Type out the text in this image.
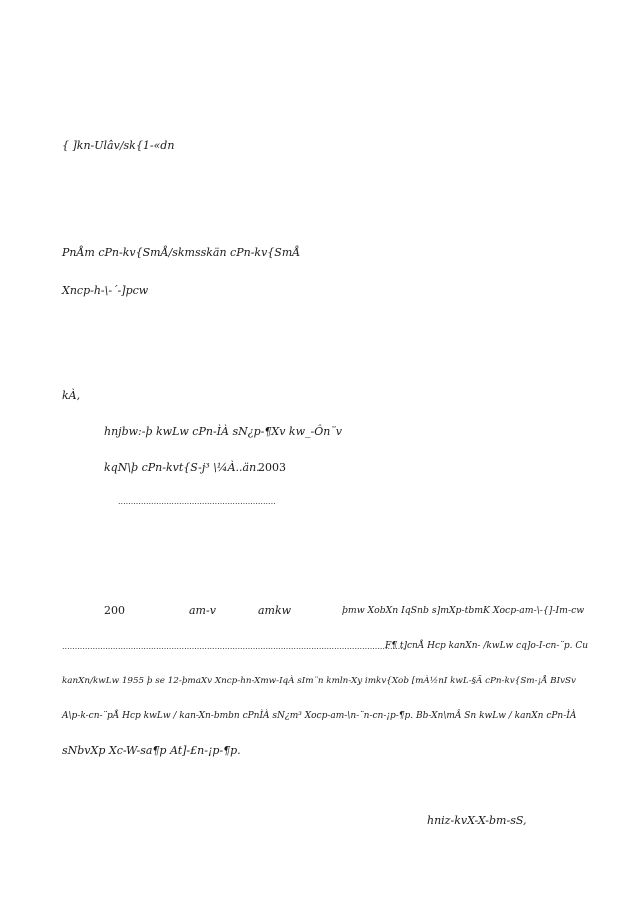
{ ]kn-Ulâv/sk{1-«dn
PnÅm cPn-kv{SmÅ/skmsskän cPn-kv{SmÅ
Xncp-h-\-´-]pcw
kÀ,
hnjbw:-þ kwLw cPn-ÌÀ sN¿p-¶Xv kw_-Ôn¨v
kqN\þ cPn-kvt{S-j³ \¼À..än.
2003
..............................................................
200	am-v	amkw	þmw XobXn IqSnb s]mXp-tbmK Xocp-am-\-{]-Im-cw
.......................................................................................................................................
F¶ t]cnÅ Hcp kanXn- /kwLw cq]o-I-cn-¨p. Cu
kanXn/kwLw 1955 þ se 12-þmaXv Xncp-hn-Xmw-IqÀ sIm¨n kmln-Xy imkv{Xob [mÀ½nI kwL-§Ä cPn-kv{Sm-¡Å BIvSv
A\p-k-cn-¨pÅ Hcp kwLw / kan-Xn-bmbn cPnÌÀ sN¿m³ Xocp-am-\n-¨n-cn-¡p-¶p. Bb-Xn\mÂ Sn kwLw / kanXn cPn-ÌÀ
sNbvXp Xc-W-sa¶p At]-£n-¡p-¶p.
hniz-kvX-X-bm-sS,
